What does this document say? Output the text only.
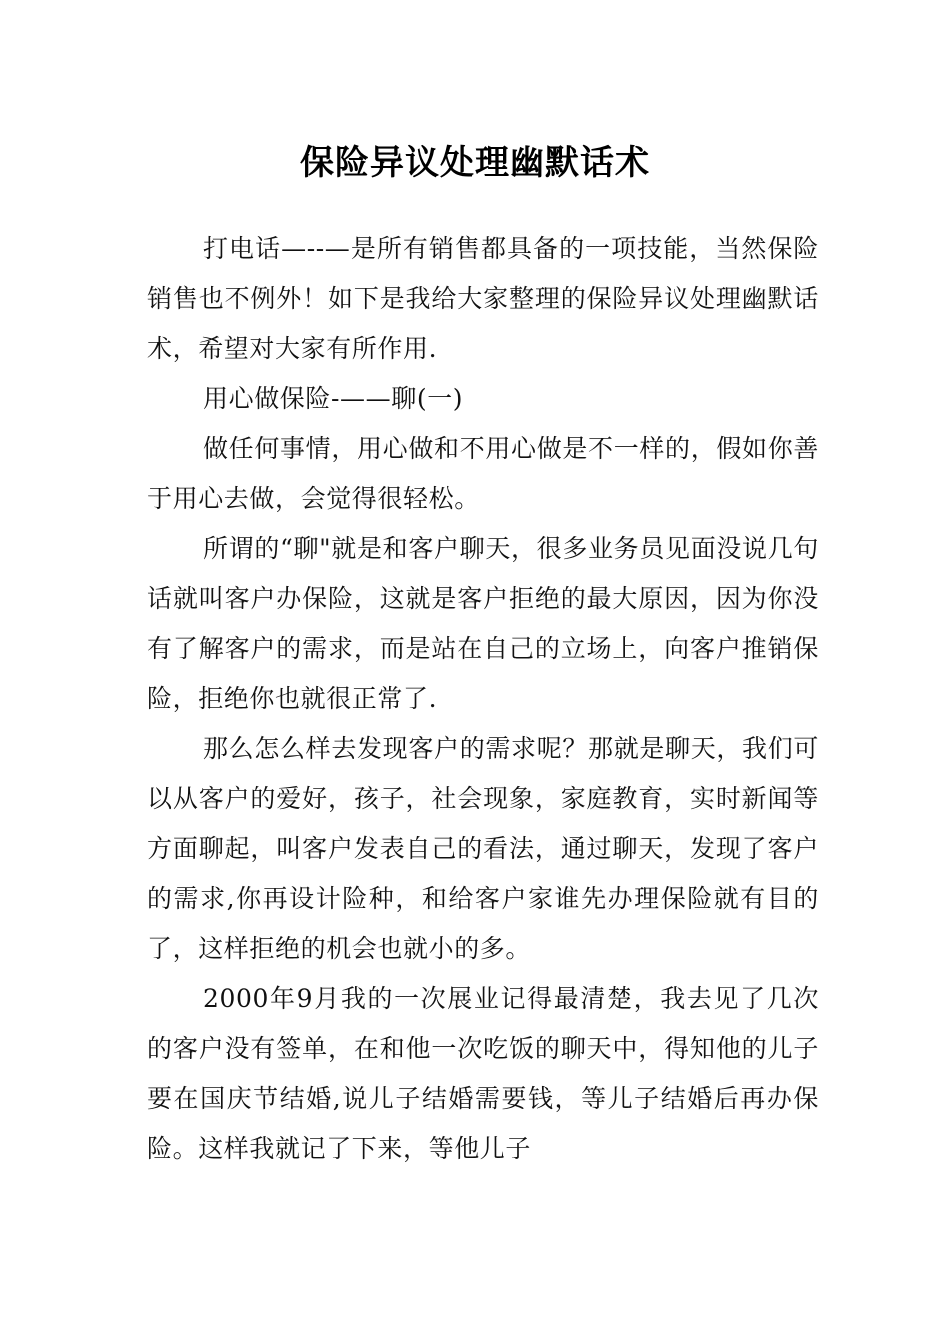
保险异议处理幽默话术

打电话—--—是所有销售都具备的一项技能，当然保险销售也不例外！如下是我给大家整理的保险异议处理幽默话术，希望对大家有所作用.

用心做保险-——聊(一)

做任何事情，用心做和不用心做是不一样的，假如你善于用心去做，会觉得很轻松。

所谓的“聊"就是和客户聊天，很多业务员见面没说几句话就叫客户办保险，这就是客户拒绝的最大原因，因为你没有了解客户的需求，而是站在自己的立场上，向客户推销保险，拒绝你也就很正常了.

那么怎么样去发现客户的需求呢？那就是聊天，我们可以从客户的爱好，孩子，社会现象，家庭教育，实时新闻等方面聊起，叫客户发表自己的看法，通过聊天，发现了客户的需求,你再设计险种，和给客户家谁先办理保险就有目的了，这样拒绝的机会也就小的多。

2000年9月我的一次展业记得最清楚，我去见了几次的客户没有签单，在和他一次吃饭的聊天中，得知他的儿子要在国庆节结婚,说儿子结婚需要钱，等儿子结婚后再办保险。这样我就记了下来，等他儿子
